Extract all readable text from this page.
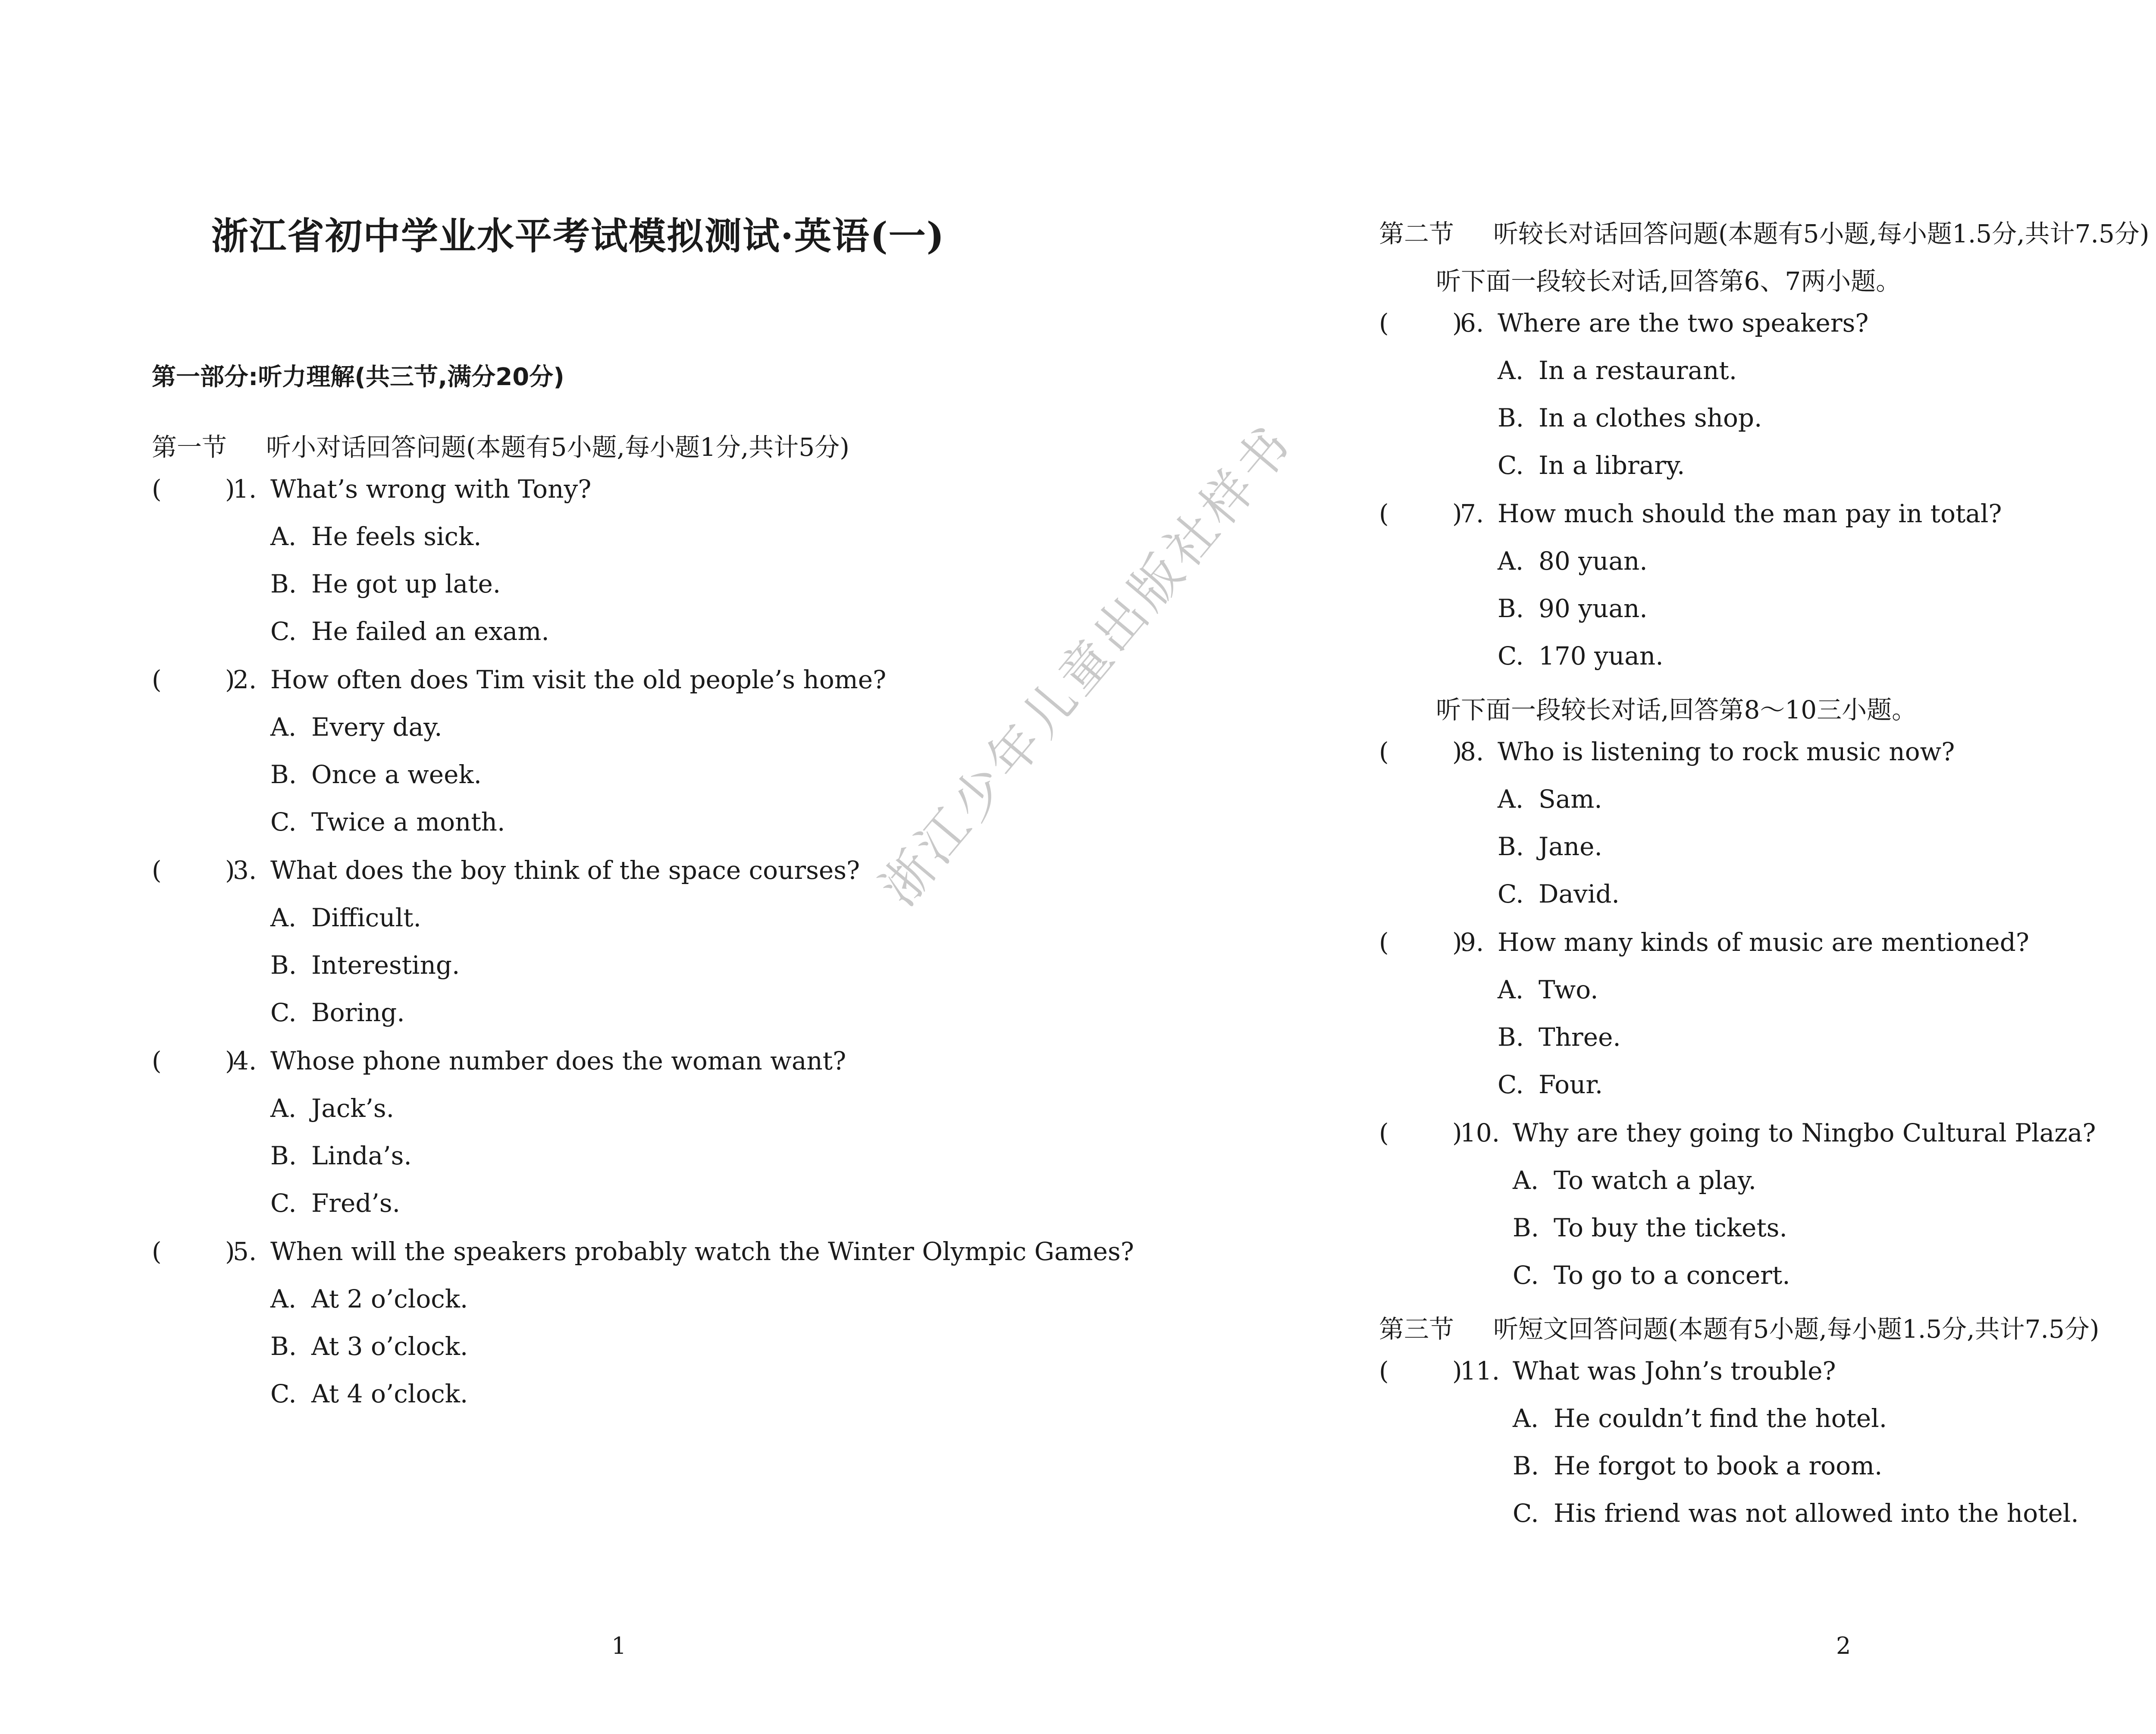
浙江省初中学业水平考试模拟测试·英语(一)
第一部分:听力理解(共三节,满分20分)
第一节 听小对话回答问题(本题有5小题,每小题1分,共计5分)
(	)
1. What’s wrong with Tony?
A. He feels sick.
B. He got up late.
C. He failed an exam.
(	)
2. How often does Tim visit the old people’s home?
A. Every day.
B. Once a week.
C. Twice a month.
(	)
3. What does the boy think of the space courses?
A. Difficult.
B. Interesting.
C. Boring.
(	)
4. Whose phone number does the woman want?
A. Jack’s.
B. Linda’s.
C. Fred’s.
(	)
5. When will the speakers probably watch the Winter Olympic Games?
A. At 2 o’clock.
B. At 3 o’clock.
C. At 4 o’clock.
1
第二节 听较长对话回答问题(本题有5小题,每小题1.5分,共计7.5分)
听下面一段较长对话,回答第6、7两小题。
(	)
6. Where are the two speakers?
A. In a restaurant.
B. In a clothes shop.
C. In a library.
(	)
7. How much should the man pay in total?
A. 80 yuan.
B. 90 yuan.
C. 170 yuan.
听下面一段较长对话,回答第8～10三小题。
(	)
8. Who is listening to rock music now?
A. Sam.
B. Jane.
C. David.
(	)
9. How many kinds of music are mentioned?
A. Two.
B. Three.
C. Four.
(	)
10. Why are they going to Ningbo Cultural Plaza?
A. To watch a play.
B. To buy the tickets.
C. To go to a concert.
第三节 听短文回答问题(本题有5小题,每小题1.5分,共计7.5分)
(	)
11. What was John’s trouble?
A. He couldn’t find the hotel.
B. He forgot to book a room.
C. His friend was not allowed into the hotel.
2
浙江少年儿童出版社样书
